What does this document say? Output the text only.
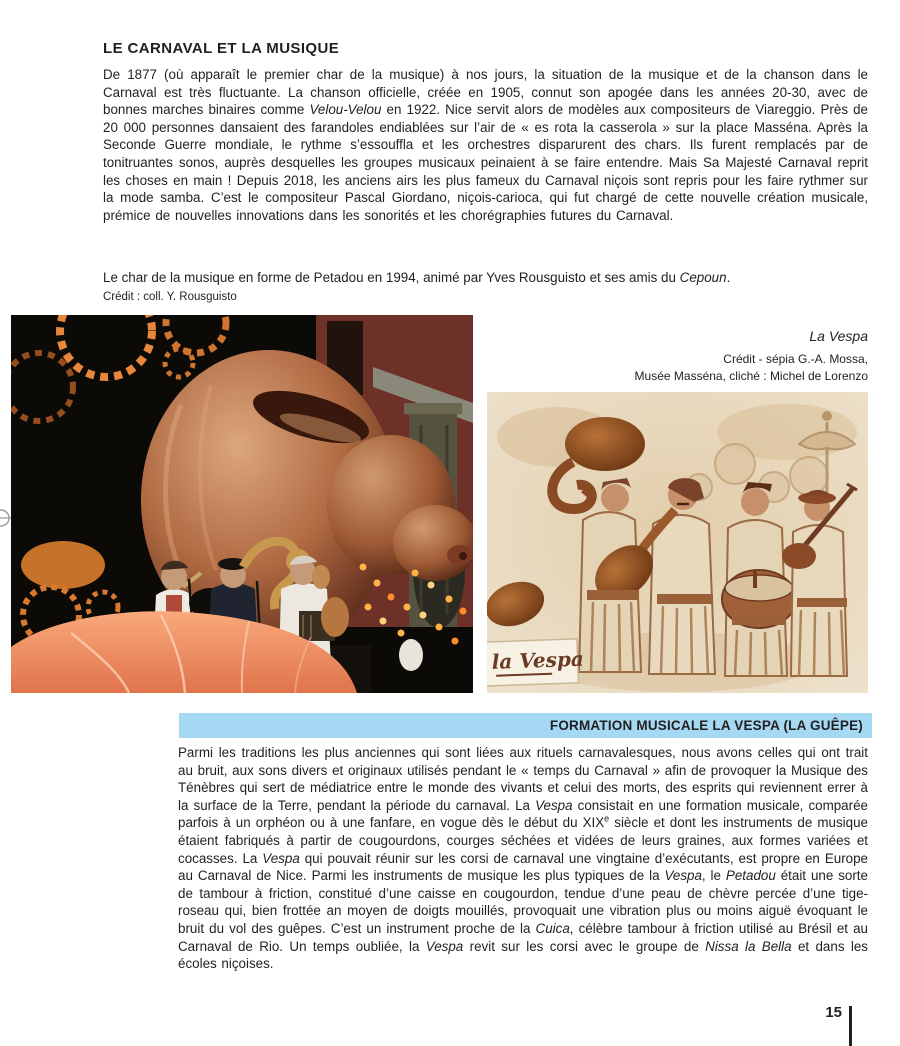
LE CARNAVAL ET LA MUSIQUE

De 1877 (où apparaît le premier char de la musique) à nos jours, la situation de la musique et de la chanson dans le Carnaval est très fluctuante. La chanson officielle, créée en 1905, connut son apogée dans les années 20-30, avec de bonnes marches binaires comme Velou-Velou en 1922. Nice servit alors de modèles aux compositeurs de Viareggio. Près de 20 000 personnes dansaient des farandoles endiablées sur l’air de « es rota la casserola » sur la place Masséna. Après la Seconde Guerre mondiale, le rythme s’essouffla et les orchestres disparurent des chars. Ils furent remplacés par de tonitruantes sonos, auprès desquelles les groupes musicaux peinaient à se faire entendre. Mais Sa Majesté Carnaval reprit les choses en main ! Depuis 2018, les anciens airs les plus fameux du Carnaval niçois sont repris pour les faire rythmer sur la mode samba. C’est le compositeur Pascal Giordano, niçois-carioca, qui fut chargé de cette nouvelle création musicale, prémice de nouvelles innovations dans les sonorités et les chorégraphies futures du Carnaval.

Le char de la musique en forme de Petadou en 1994, animé par Yves Rousguisto et ses amis du Cepoun.

Crédit : coll. Y. Rousguisto

La Vespa

Crédit - sépia G.-A. Mossa,

Musée Masséna, cliché : Michel de Lorenzo

la Vespa
FORMATION MUSICALE LA VESPA (LA GUÊPE)

Parmi les traditions les plus anciennes qui sont liées aux rituels carnavalesques, nous avons celles qui ont trait au bruit, aux sons divers et originaux utilisés pendant le « temps du Carnaval » afin de provoquer la Musique des Ténèbres qui sert de médiatrice entre le monde des vivants et celui des morts, des esprits qui reviennent errer à la surface de la Terre, pendant la période du carnaval. La Vespa consistait en une formation musicale, comparée parfois à un orphéon ou à une fanfare, en vogue dès le début du XIXe siècle et dont les instruments de musique étaient fabriqués à partir de cougourdons, courges séchées et vidées de leurs graines, aux formes variées et cocasses. La Vespa qui pouvait réunir sur les corsi de carnaval une vingtaine d’exécutants, est propre en Europe au Carnaval de Nice. Parmi les instruments de musique les plus typiques de la Vespa, le Petadou était une sorte de tambour à friction, constitué d’une caisse en cougourdon, tendue d’une peau de chèvre percée d’une tige-roseau qui, bien frottée an moyen de doigts mouillés, provoquait une vibration plus ou moins aiguë évoquant le bruit du vol des guêpes. C’est un instrument proche de la Cuica, célèbre tambour à friction utilisé au Brésil et au Carnaval de Rio. Un temps oubliée, la Vespa revit sur les corsi avec le groupe de Nissa la Bella et dans les écoles niçoises.

15
